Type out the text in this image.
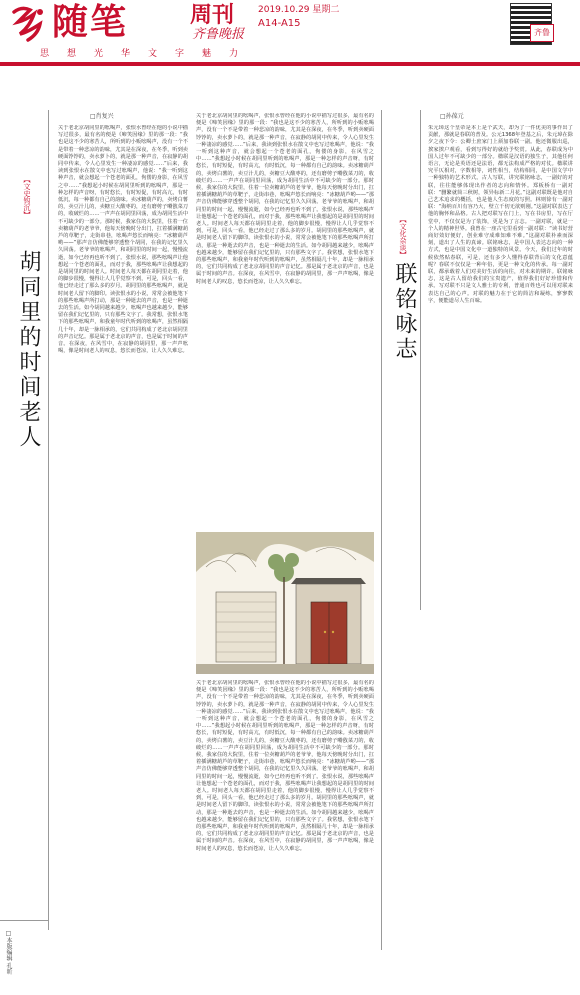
随笔	周刊
齐鲁晚报
2019.10.29 星期二
A14-A15
齐鲁
思想光华文字魅力
【文史钩沉】
胡同里的时间老人
□肖复兴
关于老北京胡同里的吆喝声，张恨水曾经在他的小说中描写过很多，最有名的便是《啼笑因缘》里的那一段：“我也是这不少的寒苦人，所听到的小贩吆喝声，没有一个不是带着一种悲凉的韵味，尤其是在深夜，在冬季，听到卖硬面饽饽的，卖水萝卜的，就是那一种声音，在寂静的胡同中传来，令人心里发生一种凄凉的感觉……”后来，我读到张恨水在散文中也写过吆喝声，他说：“我一听到这种声音，就会想起一个苍老的面孔，佝偻的身影，在风雪之中……”我想起小时候在胡同里听到的吆喝声，那是一种怎样的声音呀，有时悠长，有时短促，有时高亢，有时低沉，每一种都有自己的韵味。卖冰糖葫芦的，卖烤白薯的，卖豆汁儿的，卖糖豆大酸枣的，还有磨剪子嘞戗菜刀的，收破烂的……一声声在胡同里回荡，成为胡同生活中不可缺少的一部分。那时候，我家住的大院里，住着一位卖糖葫芦的老爷爷，他每天傍晚时分出门，扛着插满糖葫芦的草靶子，走街串巷，吆喝声悠长而响亮：“冰糖葫芦哟——”那声音仿佛能够穿透整个胡同，在我的记忆里久久回荡。老爷爷的吆喝声，和胡同里的时间一起，慢慢流逝，如今已经再也听不到了。张恨水说，那些吆喝声让他想起一个苍老的面孔，而对于我，那些吆喝声让我想起的是胡同里的时间老人。时间老人每天都在胡同里走着，他的脚步很慢，慢得让人几乎觉察不到，可是，回头一看，他已经走过了那么多的岁月。胡同里的那些吆喝声，就是时间老人留下的脚印。读张恨水的小说，常常会被他笔下的那些吆喝声所打动，那是一种逝去的声音，也是一种逝去的生活。如今胡同越来越少，吆喝声也越来越少，能够留在我们记忆里的，只有那些文字了。我常想，张恨水笔下的那些吆喝声，和我童年时代听到的吆喝声，虽然相隔几十年，却是一脉相承的，它们共同构成了老北京胡同里的声音记忆。那是属于老北京的声音，也是属于时间的声音。在深夜，在风雪中，在寂静的胡同里，那一声声吆喝，像是时间老人的叹息，悠长而苍凉，让人久久难忘。
关于老北京胡同里的吆喝声，张恨水曾经在他的小说中描写过很多，最有名的便是《啼笑因缘》里的那一段：“我也是这不少的寒苦人，所听到的小贩吆喝声，没有一个不是带着一种悲凉的韵味，尤其是在深夜，在冬季，听到卖硬面饽饽的，卖水萝卜的，就是那一种声音，在寂静的胡同中传来，令人心里发生一种凄凉的感觉……”后来，我读到张恨水在散文中也写过吆喝声，他说：“我一听到这种声音，就会想起一个苍老的面孔，佝偻的身影，在风雪之中……”我想起小时候在胡同里听到的吆喝声，那是一种怎样的声音呀，有时悠长，有时短促，有时高亢，有时低沉，每一种都有自己的韵味。卖冰糖葫芦的，卖烤白薯的，卖豆汁儿的，卖糖豆大酸枣的，还有磨剪子嘞戗菜刀的，收破烂的……一声声在胡同里回荡，成为胡同生活中不可缺少的一部分。那时候，我家住的大院里，住着一位卖糖葫芦的老爷爷，他每天傍晚时分出门，扛着插满糖葫芦的草靶子，走街串巷，吆喝声悠长而响亮：“冰糖葫芦哟——”那声音仿佛能够穿透整个胡同，在我的记忆里久久回荡。老爷爷的吆喝声，和胡同里的时间一起，慢慢流逝，如今已经再也听不到了。张恨水说，那些吆喝声让他想起一个苍老的面孔，而对于我，那些吆喝声让我想起的是胡同里的时间老人。时间老人每天都在胡同里走着，他的脚步很慢，慢得让人几乎觉察不到，可是，回头一看，他已经走过了那么多的岁月。胡同里的那些吆喝声，就是时间老人留下的脚印。读张恨水的小说，常常会被他笔下的那些吆喝声所打动，那是一种逝去的声音，也是一种逝去的生活。如今胡同越来越少，吆喝声也越来越少，能够留在我们记忆里的，只有那些文字了。我常想，张恨水笔下的那些吆喝声，和我童年时代听到的吆喝声，虽然相隔几十年，却是一脉相承的，它们共同构成了老北京胡同里的声音记忆。那是属于老北京的声音，也是属于时间的声音。在深夜，在风雪中，在寂静的胡同里，那一声声吆喝，像是时间老人的叹息，悠长而苍凉，让人久久难忘。
关于老北京胡同里的吆喝声，张恨水曾经在他的小说中描写过很多，最有名的便是《啼笑因缘》里的那一段：“我也是这不少的寒苦人，所听到的小贩吆喝声，没有一个不是带着一种悲凉的韵味，尤其是在深夜，在冬季，听到卖硬面饽饽的，卖水萝卜的，就是那一种声音，在寂静的胡同中传来，令人心里发生一种凄凉的感觉……”后来，我读到张恨水在散文中也写过吆喝声，他说：“我一听到这种声音，就会想起一个苍老的面孔，佝偻的身影，在风雪之中……”我想起小时候在胡同里听到的吆喝声，那是一种怎样的声音呀，有时悠长，有时短促，有时高亢，有时低沉，每一种都有自己的韵味。卖冰糖葫芦的，卖烤白薯的，卖豆汁儿的，卖糖豆大酸枣的，还有磨剪子嘞戗菜刀的，收破烂的……一声声在胡同里回荡，成为胡同生活中不可缺少的一部分。那时候，我家住的大院里，住着一位卖糖葫芦的老爷爷，他每天傍晚时分出门，扛着插满糖葫芦的草靶子，走街串巷，吆喝声悠长而响亮：“冰糖葫芦哟——”那声音仿佛能够穿透整个胡同，在我的记忆里久久回荡。老爷爷的吆喝声，和胡同里的时间一起，慢慢流逝，如今已经再也听不到了。张恨水说，那些吆喝声让他想起一个苍老的面孔，而对于我，那些吆喝声让我想起的是胡同里的时间老人。时间老人每天都在胡同里走着，他的脚步很慢，慢得让人几乎觉察不到，可是，回头一看，他已经走过了那么多的岁月。胡同里的那些吆喝声，就是时间老人留下的脚印。读张恨水的小说，常常会被他笔下的那些吆喝声所打动，那是一种逝去的声音，也是一种逝去的生活。如今胡同越来越少，吆喝声也越来越少，能够留在我们记忆里的，只有那些文字了。我常想，张恨水笔下的那些吆喝声，和我童年时代听到的吆喝声，虽然相隔几十年，却是一脉相承的，它们共同构成了老北京胡同里的声音记忆。那是属于老北京的声音，也是属于时间的声音。在深夜，在风雪中，在寂静的胡同里，那一声声吆喝，像是时间老人的叹息，悠长而苍凉，让人久久难忘。
【文化杂谈】
联铭咏志
□孙葆元
朱元璋这个皇帝是本上是个武夫，却为了一件优美的事作出了贡献，那就是春联的普及。公元1368年登基之后，朱元璋在除夕之夜下令：公卿士庶家门上须加春联一副。他还微服出巡，挨家挨户观看，看到写得好的就给予奖赏。从此，春联成为中国人过年不可缺少的一部分。楹联是汉语的独生子，其他任何语言，无论是英语还是法语，都无法构成严格的对仗。楹联讲究平仄相对，字数相等，词性相当，结构相同，是中国文学中一种独特的艺术形式。古人写联，讲究联铭咏志，一副好的对联，往往能够体现出作者的志向和情怀。郑板桥有一副对联：“删繁就简三秋树，领异标新二月花。”这副对联既是他对自己艺术追求的概括，也是他人生态度的写照。林则徐有一副对联：“海纳百川有容乃大，壁立千仞无欲则刚。”这副对联表达了他的胸怀和品格。古人把对联写在门上，写在书房里，写在厅堂中，不仅仅是为了装饰，更是为了言志。一副对联，就是一个人的精神世界。我曾在一座古宅里看到一副对联：“读书好营商好效好便好，创业难守成难知难不难。”这副对联朴素而深刻，道出了人生的真谛。联铭咏志，是中国人表达志向的一种方式，也是中国文化中一道独特的风景。今天，我们过年的时候依然贴春联，可是，还有多少人懂得春联背后的文化意蕴呢？春联不仅仅是一种年俗，更是一种文化的传承。每一副对联，都承载着人们对美好生活的向往，对未来的期许。联铭咏志，这是古人留给我们的宝贵遗产，值得我们好好珍惜和传承。写对联不只是文人雅士的专利，普通百姓也可以用对联来表达自己的心声。对联的魅力在于它的简洁和凝练，寥寥数字，便能道尽人生百味。
□本版编辑 孔昕
